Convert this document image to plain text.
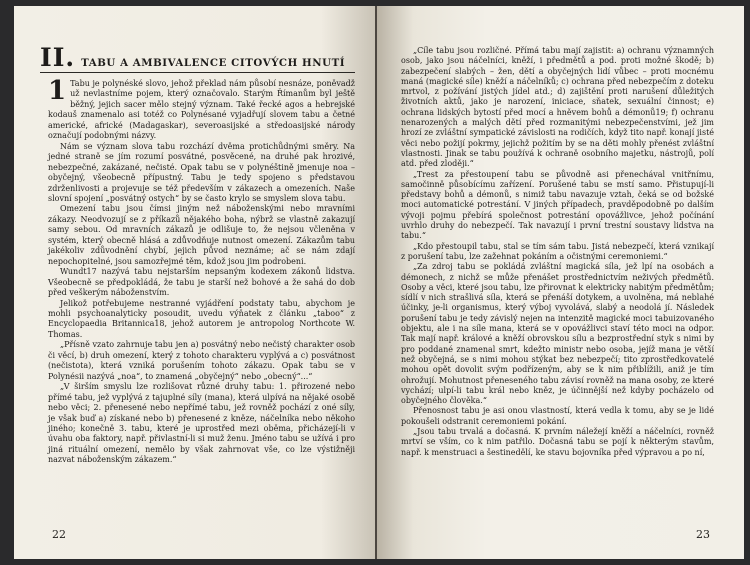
II. TABU A AMBIVALENCE CITOVÝCH HNUTÍ

1 Tabu je polynéské slovo, jehož překlad nám působí nesnáze, poněvadž už nevlastníme pojem, který označovalo. Starým Římanům byl ještě běžný, jejich sacer mělo stejný význam. Také řecké agos a hebrejské kodauš znamenalo asi totéž co Polynésané vyjadřují slovem tabu a četné americké, africké (Madagaskar), severoasijské a středoasijské národy označují podobnými názvy.

Nám se význam slova tabu rozchází dvěma protichůdnými směry. Na jedné straně se jím rozumí posvátné, posvěcené, na druhé pak hrozivé, nebezpečné, zakázané, nečisté. Opak tabu se v polynéštině jmenuje noa – obyčejný, všeobecně přípustný. Tabu je tedy spojeno s představou zdrženlivosti a projevuje se též především v zákazech a omezeních. Naše slovní spojení „posvátný ostych“ by se často krylo se smyslem slova tabu.

Omezení tabu jsou čímsi jiným než náboženskými nebo mravními zákazy. Neodvozují se z příkazů nějakého boha, nýbrž se vlastně zakazují samy sebou. Od mravních zákazů je odlišuje to, že nejsou včleněna v systém, který obecně hlásá a zdůvodňuje nutnost omezení. Zákazům tabu jakékoliv zdůvodnění chybí, jejich původ neznáme; ač se nám zdají nepochopitelné, jsou samozřejmé těm, kdož jsou jim podrobeni.

Wundt17 nazývá tabu nejstarším nepsaným kodexem zákonů lidstva. Všeobecně se předpokládá, že tabu je starší než bohové a že sahá do dob před veškerým náboženstvím.

Jelikož potřebujeme nestranné vyjádření podstaty tabu, abychom je mohli psychoanalyticky posoudit, uvedu výňatek z článku „taboo“ z Encyclopaedia Britannica18, jehož autorem je antropolog Northcote W. Thomas.

„Přísně vzato zahrnuje tabu jen a) posvátný nebo nečistý charakter osob či věcí, b) druh omezení, který z tohoto charakteru vyplývá a c) posvátnost (nečistota), která vzniká porušením tohoto zákazu. Opak tabu se v Polynésii nazývá „noa“, to znamená „obyčejný“ nebo „obecný“...“

„V širším smyslu lze rozlišovat různé druhy tabu: 1. přirozené nebo přímé tabu, jež vyplývá z tajuplné síly (mana), která ulpívá na nějaké osobě nebo věci; 2. přenesené nebo nepřímé tabu, jež rovněž pochází z oné síly, je však buď a) získané nebo b) přenesené z kněze, náčelníka nebo někoho jiného; konečně 3. tabu, které je uprostřed mezi oběma, přicházejí-li v úvahu oba faktory, např. přivlastní-li si muž ženu. Jméno tabu se užívá i pro jiná rituální omezení, nemělo by však zahrnovat vše, co lze výstižněji nazvat náboženským zákazem.“

22

„Cíle tabu jsou rozličné. Přímá tabu mají zajistit: a) ochranu významných osob, jako jsou náčelníci, kněží, i předmětů a pod. proti možné škodě; b) zabezpečení slabých – žen, dětí a obyčejných lidí vůbec – proti mocnému maná (magické síle) kněží a náčelníků; c) ochrana před nebezpečím z doteku mrtvol, z požívání jistých jídel atd.; d) zajištění proti narušení důležitých životních aktů, jako je narození, iniciace, sňatek, sexuální činnost; e) ochrana lidských bytostí před mocí a hněvem bohů a démonů19; f) ochranu nenarozených a malých dětí před rozmanitými nebezpečenstvími, jež jim hrozí ze zvláštní sympatické závislosti na rodičích, když tito např. konají jisté věci nebo požijí pokrmy, jejichž požitím by se na děti mohly přenést zvláštní vlastnosti. Jinak se tabu používá k ochraně osobního majetku, nástrojů, polí atd. před zloději.“

„Trest za přestoupení tabu se původně asi přenechával vnitřnímu, samočinně působícímu zařízení. Porušené tabu se mstí samo. Přistupují-li představy bohů a démonů, s nimiž tabu navazuje vztah, čeká se od božské moci automatické potrestání. V jiných případech, pravděpodobně po dalším vývoji pojmu přebírá společnost potrestání opovážlivce, jehož počínání uvrhlo druhy do nebezpečí. Tak navazují i první trestní soustavy lidstva na tabu.“

„Kdo přestoupil tabu, stal se tím sám tabu. Jistá nebezpečí, která vznikají z porušení tabu, lze zažehnat pokáním a očistnými ceremoniemi.“

„Za zdroj tabu se pokládá zvláštní magická síla, jež lpí na osobách a démonech, z nichž se může přenášet prostřednictvím neživých předmětů. Osoby a věci, které jsou tabu, lze přirovnat k elektricky nabitým předmětům; sídlí v nich strašlivá síla, která se přenáší dotykem, a uvolněna, má neblahé účinky, je-li organismus, který výboj vyvolává, slabý a neodolá jí. Následek porušení tabu je tedy závislý nejen na intenzitě magické moci tabuizovaného objektu, ale i na síle mana, která se v opovážlivci staví této moci na odpor. Tak mají např. králové a kněží obrovskou sílu a bezprostřední styk s nimi by pro poddané znamenal smrt, kdežto ministr nebo osoba, jejíž mana je větší než obyčejná, se s nimi mohou stýkat bez nebezpečí; tito zprostředkovatelé mohou opět dovolit svým podřízeným, aby se k nim přiblížili, aniž je tím ohrožují. Mohutnost přeneseného tabu závisí rovněž na mana osoby, ze které vychází; ulpí-li tabu král nebo kněz, je účinnější než kdyby pocházelo od obyčejného člověka.“

Přenosnost tabu je asi onou vlastností, která vedla k tomu, aby se je lidé pokoušeli odstranit ceremoniemi pokání.

„Jsou tabu trvalá a dočasná. K prvním náležejí kněží a náčelníci, rovněž mrtví se vším, co k nim patřilo. Dočasná tabu se pojí k některým stavům, např. k menstruaci a šestinedělí, ke stavu bojovníka před výpravou a po ní,

23
